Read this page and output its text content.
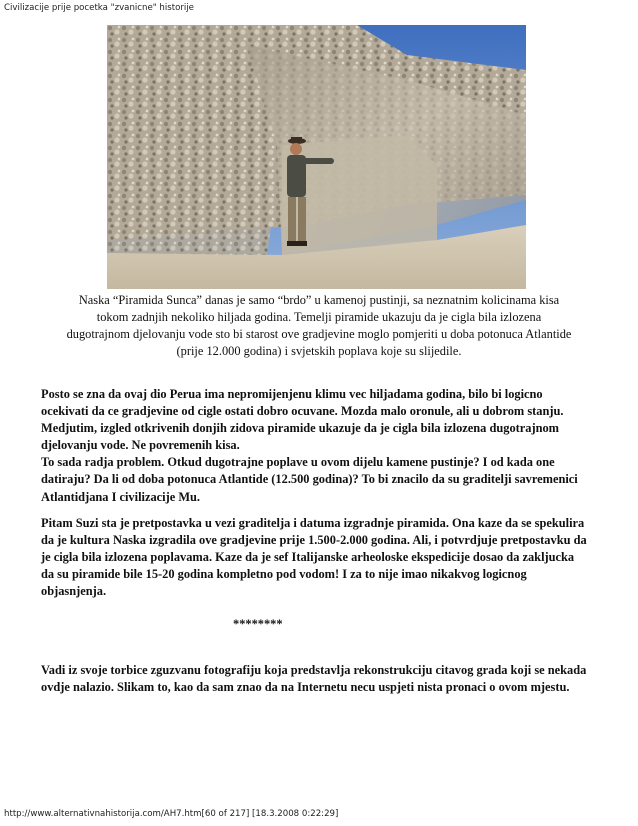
Civilizacije prije pocetka "zvanicne" historije
Naska “Piramida Sunca” danas je samo “brdo” u kamenoj pustinji, sa neznatnim kolicinama kisa
tokom zadnjih nekoliko hiljada godina. Temelji piramide ukazuju da je cigla bila izlozena
dugotrajnom djelovanju vode sto bi starost ove gradjevine moglo pomjeriti u doba potonuca Atlantide
(prije 12.000 godina) i svjetskih poplava koje su slijedile.
Posto se zna da ovaj dio Perua ima nepromijenjenu klimu vec hiljadama godina, bilo bi logicno
ocekivati da ce gradjevine od cigle ostati dobro ocuvane. Mozda malo oronule, ali u dobrom stanju.
Medjutim, izgled otkrivenih donjih zidova piramide ukazuje da je cigla bila izlozena dugotrajnom
djelovanju vode. Ne povremenih kisa.
To sada radja problem. Otkud dugotrajne poplave u ovom dijelu kamene pustinje? I od kada one
datiraju? Da li od doba potonuca Atlantide (12.500 godina)? To bi znacilo da su graditelji savremenici
Atlantidjana I civilizacije Mu.
Pitam Suzi sta je pretpostavka u vezi graditelja i datuma izgradnje piramida. Ona kaze da se spekulira
da je kultura Naska izgradila ove gradjevine prije 1.500-2.000 godina. Ali, i potvrdjuje pretpostavku da
je cigla bila izlozena poplavama. Kaze da je sef Italijanske arheoloske ekspedicije dosao da zakljucka
da su piramide bile 15-20 godina kompletno pod vodom! I za to nije imao nikakvog logicnog
objasnjenja.
********
Vadi iz svoje torbice zguzvanu fotografiju koja predstavlja rekonstrukciju citavog grada koji se nekada
ovdje nalazio. Slikam to, kao da sam znao da na Internetu necu uspjeti nista pronaci o ovom mjestu.
http://www.alternativnahistorija.com/AH7.htm[60 of 217] [18.3.2008 0:22:29]
